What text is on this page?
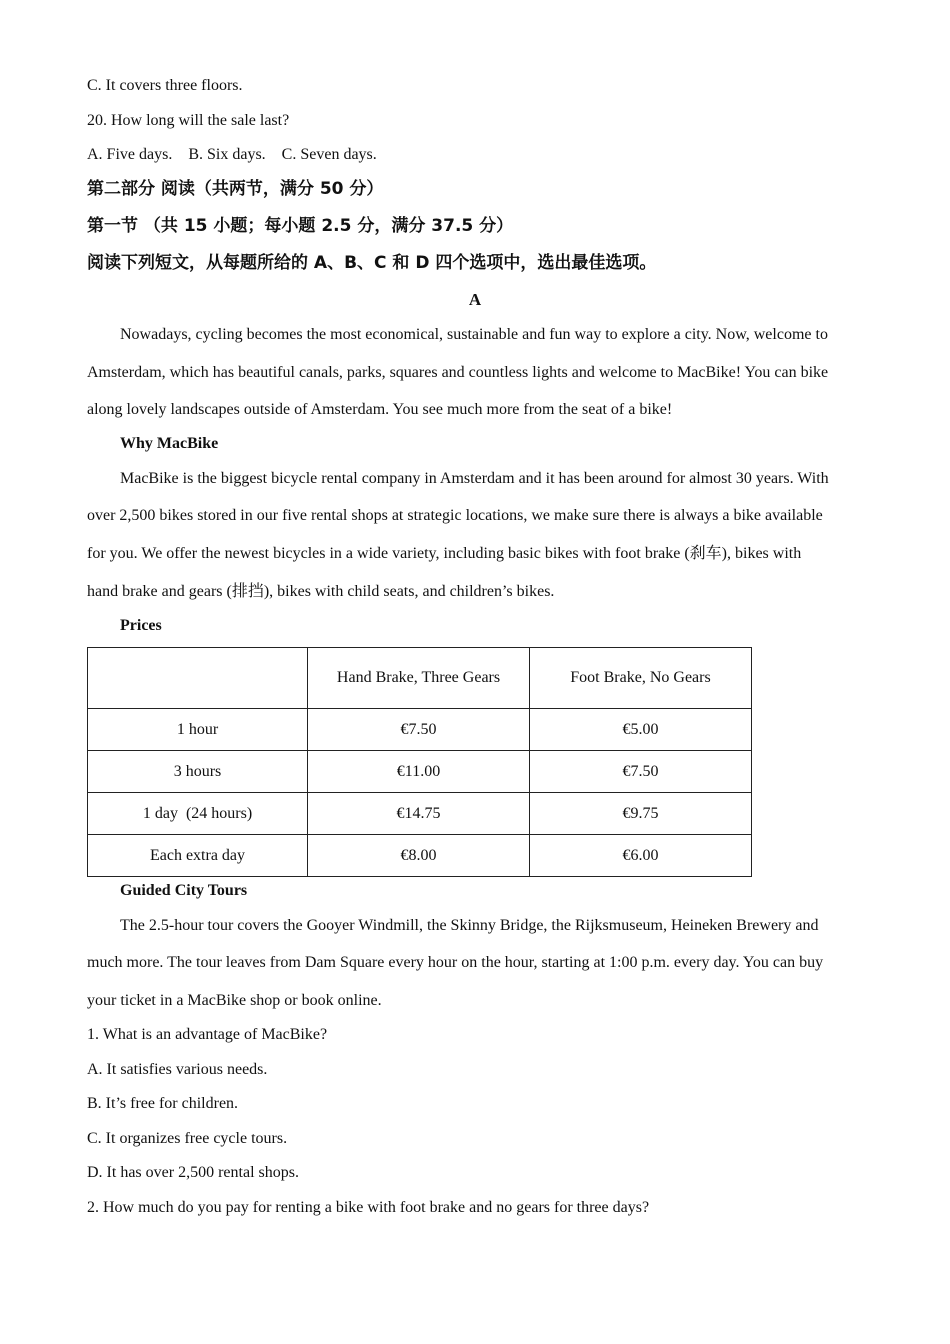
C. It covers three floors.
20. How long will the sale last?
A. Five days.    B. Six days.    C. Seven days.
第二部分 阅读（共两节，满分 50 分）
第一节 （共 15 小题；每小题 2.5 分，满分 37.5 分）
阅读下列短文，从每题所给的 A、B、C 和 D 四个选项中，选出最佳选项。
A
Nowadays, cycling becomes the most economical, sustainable and fun way to explore a city. Now, welcome to
Amsterdam, which has beautiful canals, parks, squares and countless lights and welcome to MacBike! You can bike
along lovely landscapes outside of Amsterdam. You see much more from the seat of a bike!
Why MacBike
MacBike is the biggest bicycle rental company in Amsterdam and it has been around for almost 30 years. With
over 2,500 bikes stored in our five rental shops at strategic locations, we make sure there is always a bike available
for you. We offer the newest bicycles in a wide variety, including basic bikes with foot brake (刹车), bikes with
hand brake and gears (排挡), bikes with child seats, and children’s bikes.
Prices
	Hand Brake, Three Gears	Foot Brake, No Gears
1 hour	€7.50	€5.00
3 hours	€11.00	€7.50
1 day  (24 hours)	€14.75	€9.75
Each extra day	€8.00	€6.00
Guided City Tours
The 2.5-hour tour covers the Gooyer Windmill, the Skinny Bridge, the Rijksmuseum, Heineken Brewery and
much more. The tour leaves from Dam Square every hour on the hour, starting at 1:00 p.m. every day. You can buy
your ticket in a MacBike shop or book online.
1. What is an advantage of MacBike?
A. It satisfies various needs.
B. It’s free for children.
C. It organizes free cycle tours.
D. It has over 2,500 rental shops.
2. How much do you pay for renting a bike with foot brake and no gears for three days?
